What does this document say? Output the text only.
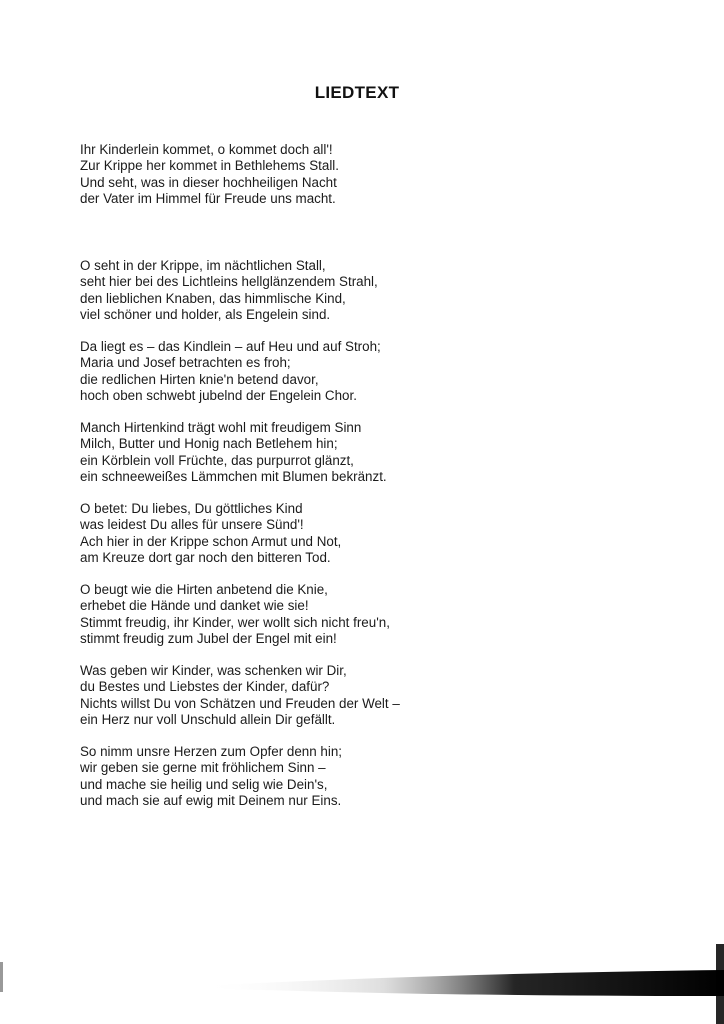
LIEDTEXT
Ihr Kinderlein kommet, o kommet doch all'!
Zur Krippe her kommet in Bethlehems Stall.
Und seht, was in dieser hochheiligen Nacht
der Vater im Himmel für Freude uns macht.
O seht in der Krippe, im nächtlichen Stall,
seht hier bei des Lichtleins hellglänzendem Strahl,
den lieblichen Knaben, das himmlische Kind,
viel schöner und holder, als Engelein sind.
Da liegt es – das Kindlein – auf Heu und auf Stroh;
Maria und Josef betrachten es froh;
die redlichen Hirten knie'n betend davor,
hoch oben schwebt jubelnd der Engelein Chor.
Manch Hirtenkind trägt wohl mit freudigem Sinn
Milch, Butter und Honig nach Betlehem hin;
ein Körblein voll Früchte, das purpurrot glänzt,
ein schneeweißes Lämmchen mit Blumen bekränzt.
O betet: Du liebes, Du göttliches Kind
was leidest Du alles für unsere Sünd'!
Ach hier in der Krippe schon Armut und Not,
am Kreuze dort gar noch den bitteren Tod.
O beugt wie die Hirten anbetend die Knie,
erhebet die Hände und danket wie sie!
Stimmt freudig, ihr Kinder, wer wollt sich nicht freu'n,
stimmt freudig zum Jubel der Engel mit ein!
Was geben wir Kinder, was schenken wir Dir,
du Bestes und Liebstes der Kinder, dafür?
Nichts willst Du von Schätzen und Freuden der Welt –
ein Herz nur voll Unschuld allein Dir gefällt.
So nimm unsre Herzen zum Opfer denn hin;
wir geben sie gerne mit fröhlichem Sinn –
und mache sie heilig und selig wie Dein's,
und mach sie auf ewig mit Deinem nur Eins.
